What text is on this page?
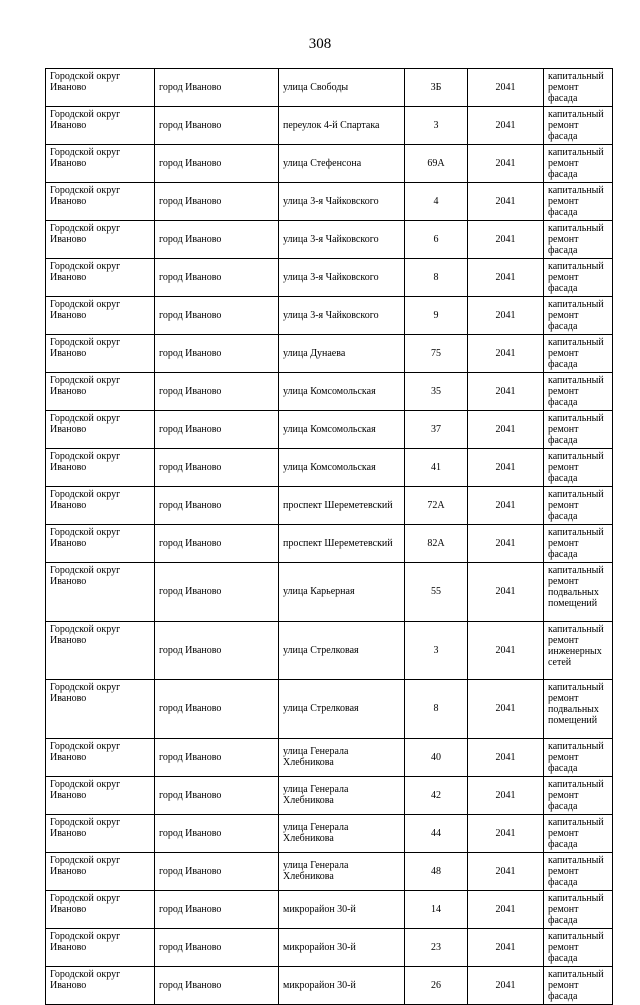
308
Городской округ Иваново	город Иваново	улица Свободы	3Б	2041	капитальный ремонт фасада
Городской округ Иваново	город Иваново	переулок 4-й Спартака	3	2041	капитальный ремонт фасада
Городской округ Иваново	город Иваново	улица Стефенсона	69А	2041	капитальный ремонт фасада
Городской округ Иваново	город Иваново	улица 3-я Чайковского	4	2041	капитальный ремонт фасада
Городской округ Иваново	город Иваново	улица 3-я Чайковского	6	2041	капитальный ремонт фасада
Городской округ Иваново	город Иваново	улица 3-я Чайковского	8	2041	капитальный ремонт фасада
Городской округ Иваново	город Иваново	улица 3-я Чайковского	9	2041	капитальный ремонт фасада
Городской округ Иваново	город Иваново	улица Дунаева	75	2041	капитальный ремонт фасада
Городской округ Иваново	город Иваново	улица Комсомольская	35	2041	капитальный ремонт фасада
Городской округ Иваново	город Иваново	улица Комсомольская	37	2041	капитальный ремонт фасада
Городской округ Иваново	город Иваново	улица Комсомольская	41	2041	капитальный ремонт фасада
Городской округ Иваново	город Иваново	проспект Шереметевский	72А	2041	капитальный ремонт фасада
Городской округ Иваново	город Иваново	проспект Шереметевский	82А	2041	капитальный ремонт фасада
Городской округ Иваново	город Иваново	улица Карьерная	55	2041	капитальный ремонт подвальных помещений
Городской округ Иваново	город Иваново	улица Стрелковая	3	2041	капитальный ремонт инженерных сетей
Городской округ Иваново	город Иваново	улица Стрелковая	8	2041	капитальный ремонт подвальных помещений
Городской округ Иваново	город Иваново	улица Генерала Хлебникова	40	2041	капитальный ремонт фасада
Городской округ Иваново	город Иваново	улица Генерала Хлебникова	42	2041	капитальный ремонт фасада
Городской округ Иваново	город Иваново	улица Генерала Хлебникова	44	2041	капитальный ремонт фасада
Городской округ Иваново	город Иваново	улица Генерала Хлебникова	48	2041	капитальный ремонт фасада
Городской округ Иваново	город Иваново	микрорайон 30-й	14	2041	капитальный ремонт фасада
Городской округ Иваново	город Иваново	микрорайон 30-й	23	2041	капитальный ремонт фасада
Городской округ Иваново	город Иваново	микрорайон 30-й	26	2041	капитальный ремонт фасада
